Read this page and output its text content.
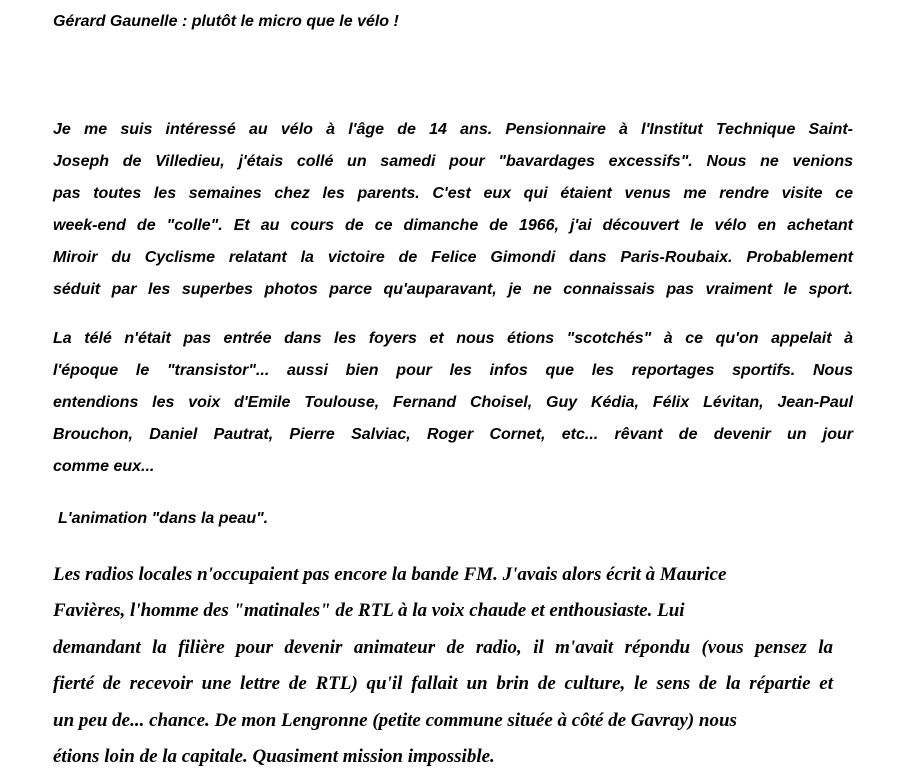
Gérard Gaunelle : plutôt le micro que le vélo !
Je me suis intéressé au vélo à l'âge de 14 ans. Pensionnaire à l'Institut Technique Saint-
Joseph de Villedieu, j'étais collé un samedi pour "bavardages excessifs". Nous ne venions
pas toutes les semaines chez les parents. C'est eux qui étaient venus me rendre visite ce
week-end de "colle". Et au cours de ce dimanche de 1966, j'ai découvert le vélo en achetant
Miroir du Cyclisme relatant la victoire de Felice Gimondi dans Paris-Roubaix. Probablement
séduit par les superbes photos parce qu'auparavant, je ne connaissais pas vraiment le sport.
La télé n'était pas entrée dans les foyers et nous étions "scotchés" à ce qu'on appelait à
l'époque le "transistor"... aussi bien pour les infos que les reportages sportifs. Nous
entendions les voix d'Emile Toulouse, Fernand Choisel, Guy Kédia, Félix Lévitan, Jean-Paul
Brouchon, Daniel Pautrat, Pierre Salviac, Roger Cornet, etc... rêvant de devenir un jour
comme eux...
L'animation "dans la peau".
Les radios locales n'occupaient pas encore la bande FM. J'avais alors écrit à Maurice
Favières, l'homme des "matinales" de RTL à la voix chaude et enthousiaste. Lui
demandant la filière pour devenir animateur de radio, il m'avait répondu (vous pensez la
fierté de recevoir une lettre de RTL) qu'il fallait un brin de culture, le sens de la répartie et
un peu de... chance. De mon Lengronne (petite commune située à côté de Gavray) nous
étions loin de la capitale. Quasiment mission impossible.
